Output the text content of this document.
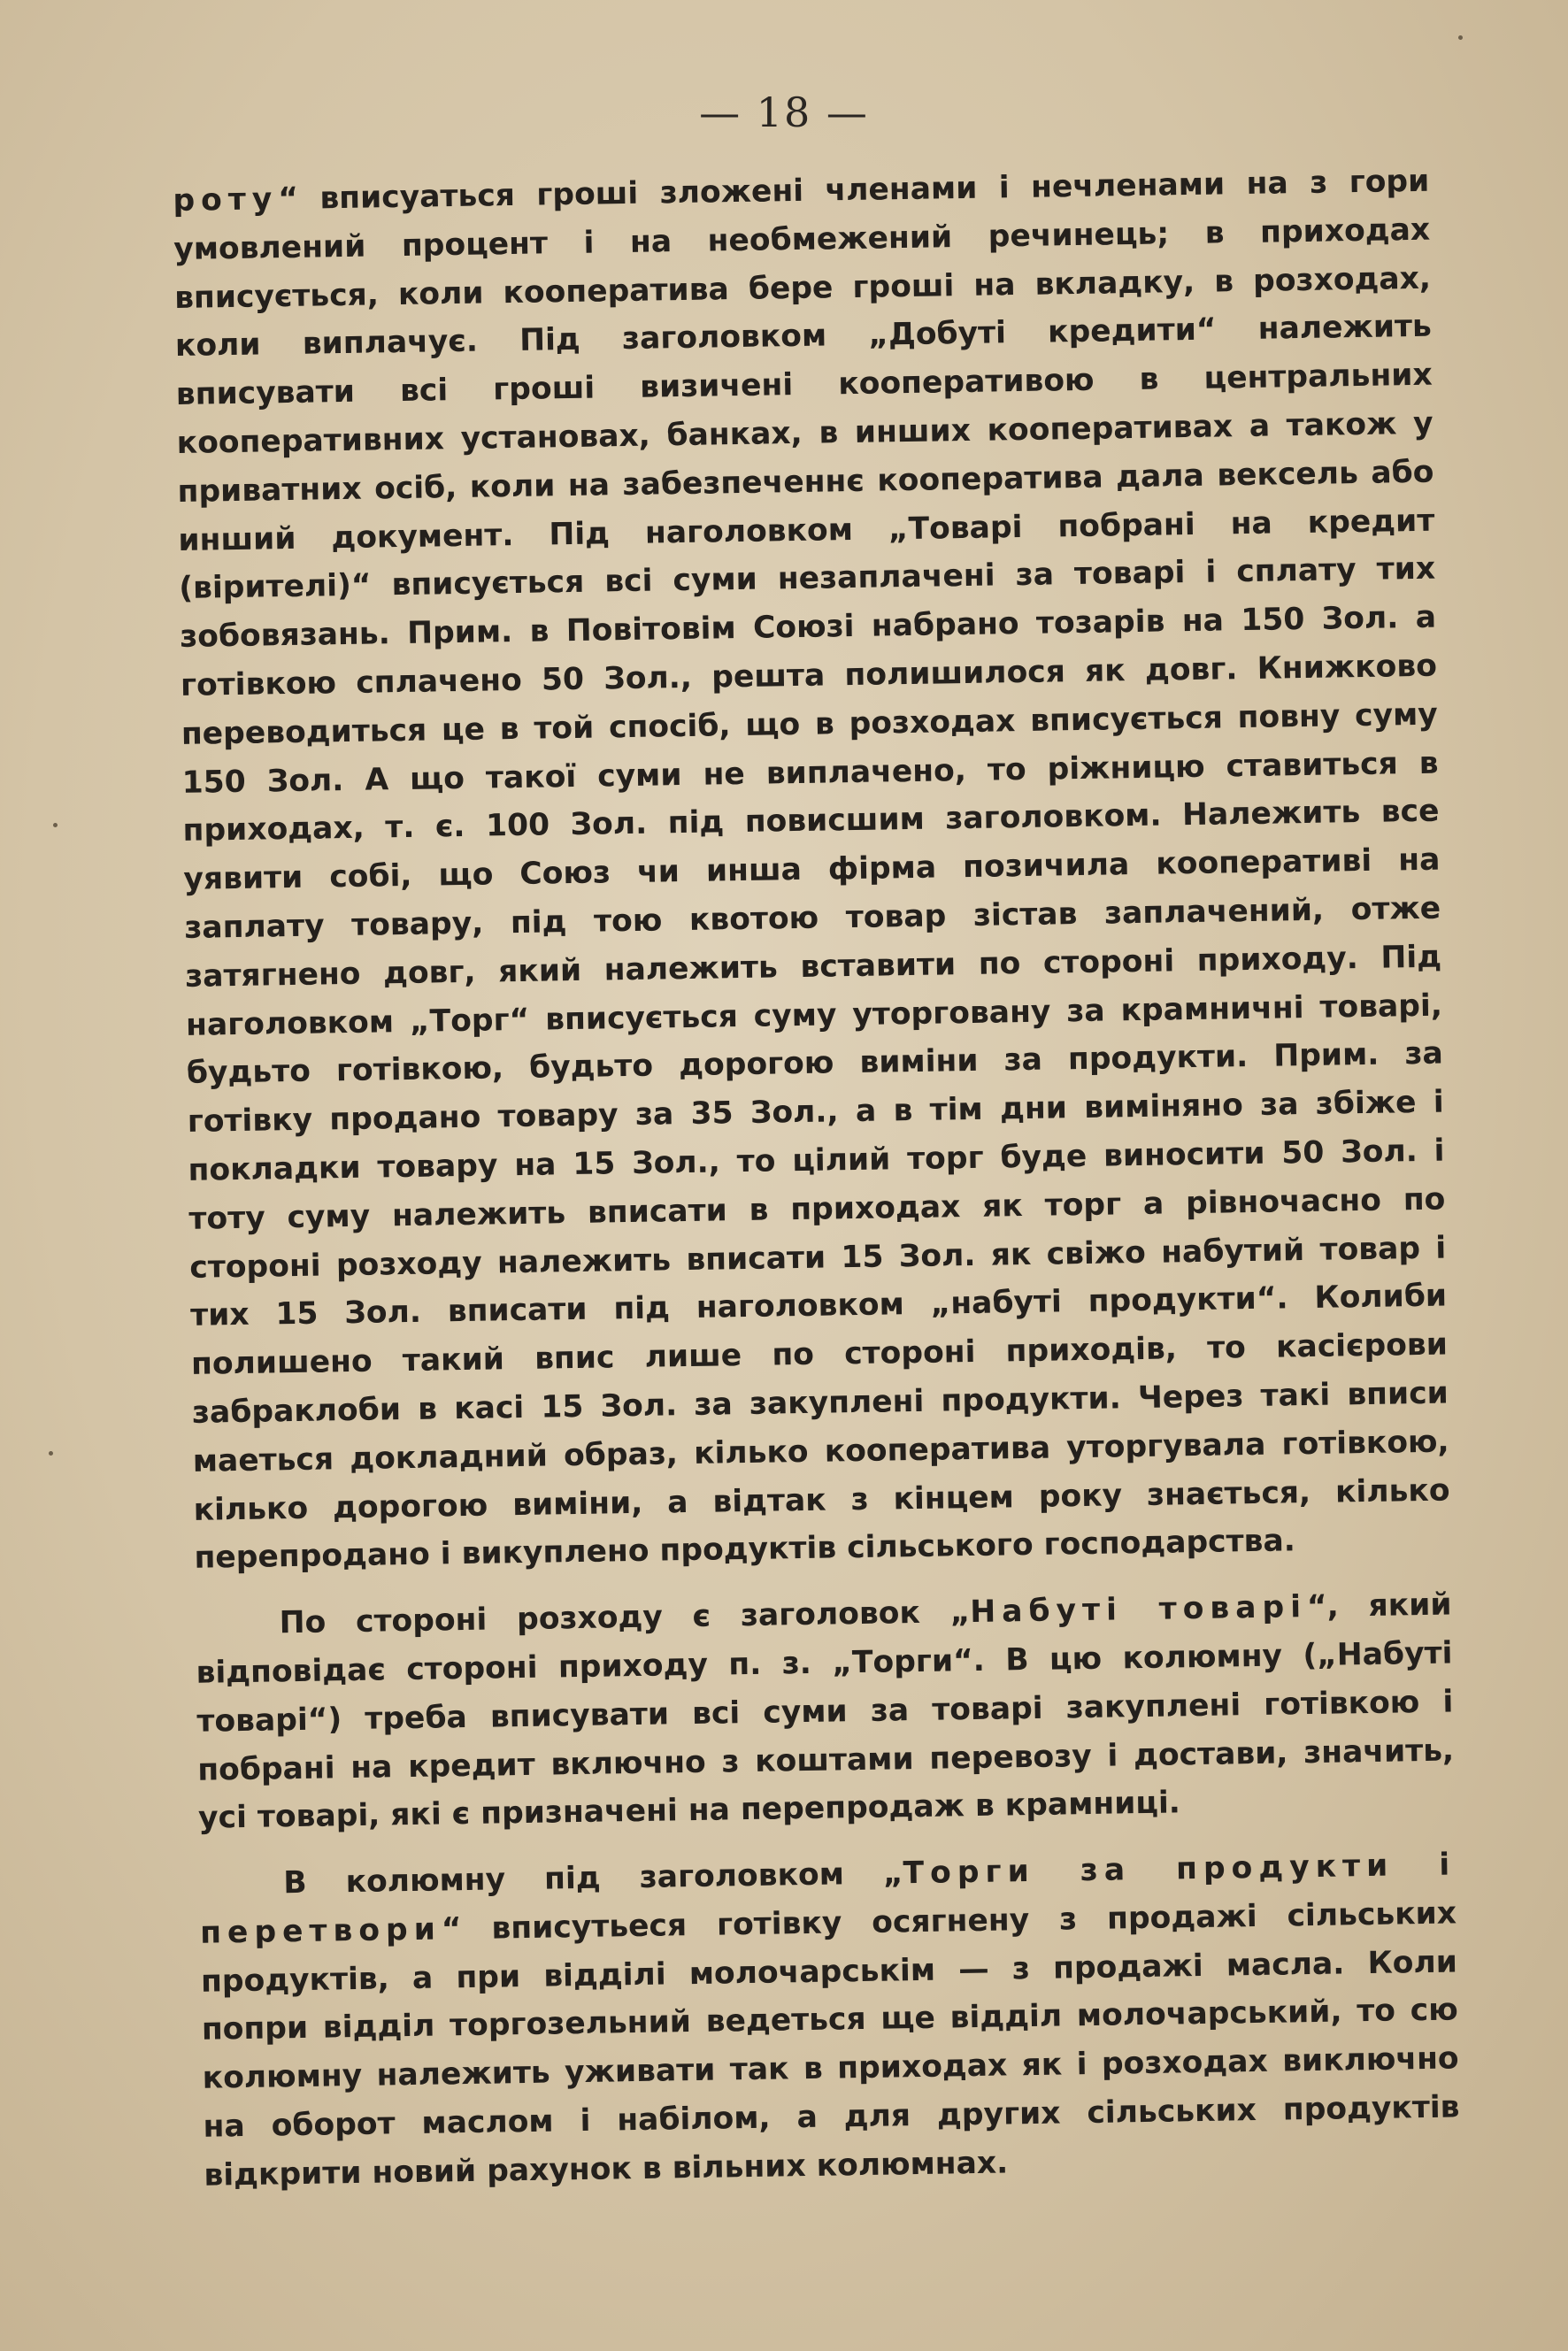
— 18 —

роту“ вписуаться гроші зложені членами і нечленами на з гори умовлений процент і на необмежений речинець; в приходах вписується, коли кооператива бере гроші на вкладку, в розходах, коли виплачує. Під заголовком „Добуті кредити“ належить вписувати всі гроші визичені кооперативою в центральних кооперативних установах, банках, в инших кооперативах а також у приватних осіб, коли на забезпеченнє кооператива дала вексель або инший документ. Під наголовком „Товарі побрані на кредит (вірителі)“ вписується всі суми незаплачені за товарі і сплату тих зобовязань. Прим. в Повітовім Союзі набрано тозарів на 150 Зол. а готівкою сплачено 50 Зол., решта полишилося як довг. Книжково переводиться це в той спосіб, що в розходах вписується повну суму 150 Зол. А що такої суми не виплачено, то ріжницю ставиться в приходах, т. є. 100 Зол. під повисшим заголовком. Належить все уявити собі, що Союз чи инша фірма позичила кооперативі на заплату товару, під тою квотою товар зістав заплачений, отже затягнено довг, який належить вставити по стороні приходу. Під наголовком „Торг“ вписується суму уторговану за крамничні товарі, будьто готівкою, будьто дорогою виміни за продукти. Прим. за готівку продано товару за 35 Зол., а в тім дни виміняно за збіже і покладки товару на 15 Зол., то цілий торг буде виносити 50 Зол. і тоту суму належить вписати в приходах як торг а рівночасно по стороні розходу належить вписати 15 Зол. як свіжо набутий товар і тих 15 Зол. вписати під наголовком „набуті продукти“. Колиби полишено такий впис лише по стороні приходів, то касієрови забраклоби в касі 15 Зол. за закуплені продукти. Через такі вписи маеться докладний образ, кілько кооператива уторгувала готівкою, кілько дорогою виміни, а відтак з кінцем року знається, кілько перепродано і викуплено продуктів сільського господарства.

По стороні розходу є заголовок „Набуті товарі“, який відповідає стороні приходу п. з. „Торги“. В цю колюмну („Набуті товарі“) треба вписувати всі суми за товарі закуплені готівкою і побрані на кредит включно з коштами перевозу і достави, значить, усі товарі, які є призначені на перепродаж в крамниці.

В колюмну під заголовком „Торги за продукти і перетвори“ вписутьеся готівку осягнену з продажі сільських продуктів, а при відділі молочарськім — з продажі масла. Коли попри відділ торгозельний ведеться ще відділ молочарський, то сю колюмну належить уживати так в приходах як і розходах виключно на оборот маслом і набілом, а для других сільських продуктів відкрити новий рахунок в вільних колюмнах.
